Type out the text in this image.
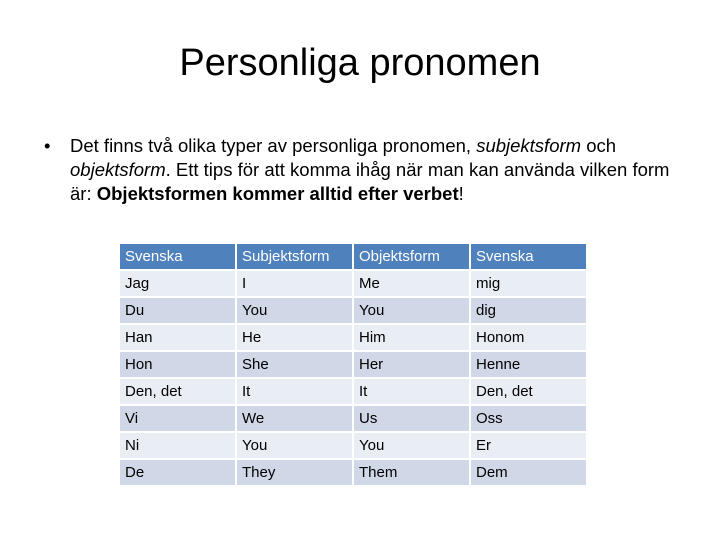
Personliga pronomen
• Det finns två olika typer av personliga pronomen, subjektsform och objektsform. Ett tips för att komma ihåg när man kan använda vilken form är: Objektsformen kommer alltid efter verbet!
Svenska	Subjektsform	Objektsform	Svenska
Jag	I	Me	mig
Du	You	You	dig
Han	He	Him	Honom
Hon	She	Her	Henne
Den, det	It	It	Den, det
Vi	We	Us	Oss
Ni	You	You	Er
De	They	Them	Dem
